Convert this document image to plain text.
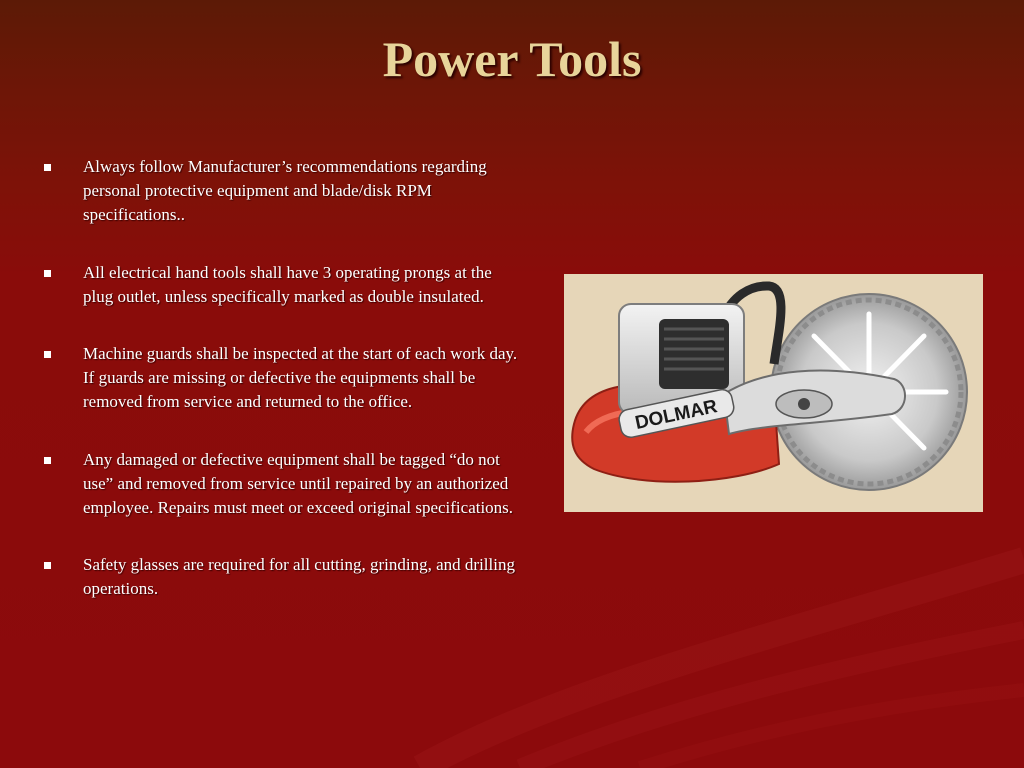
Power Tools
Always follow Manufacturer’s recommendations regarding personal protective equipment and blade/disk RPM specifications..
All electrical hand tools shall have 3 operating prongs at the plug outlet, unless specifically marked as double insulated.
Machine guards shall be inspected at the start of each work day. If guards are missing or defective the equipments shall be removed from service and returned to the office.
Any damaged or defective equipment shall be tagged “do not use” and removed from service until repaired by an authorized employee. Repairs must meet or exceed original specifications.
Safety glasses are required for all cutting, grinding, and drilling operations.
DOLMAR
